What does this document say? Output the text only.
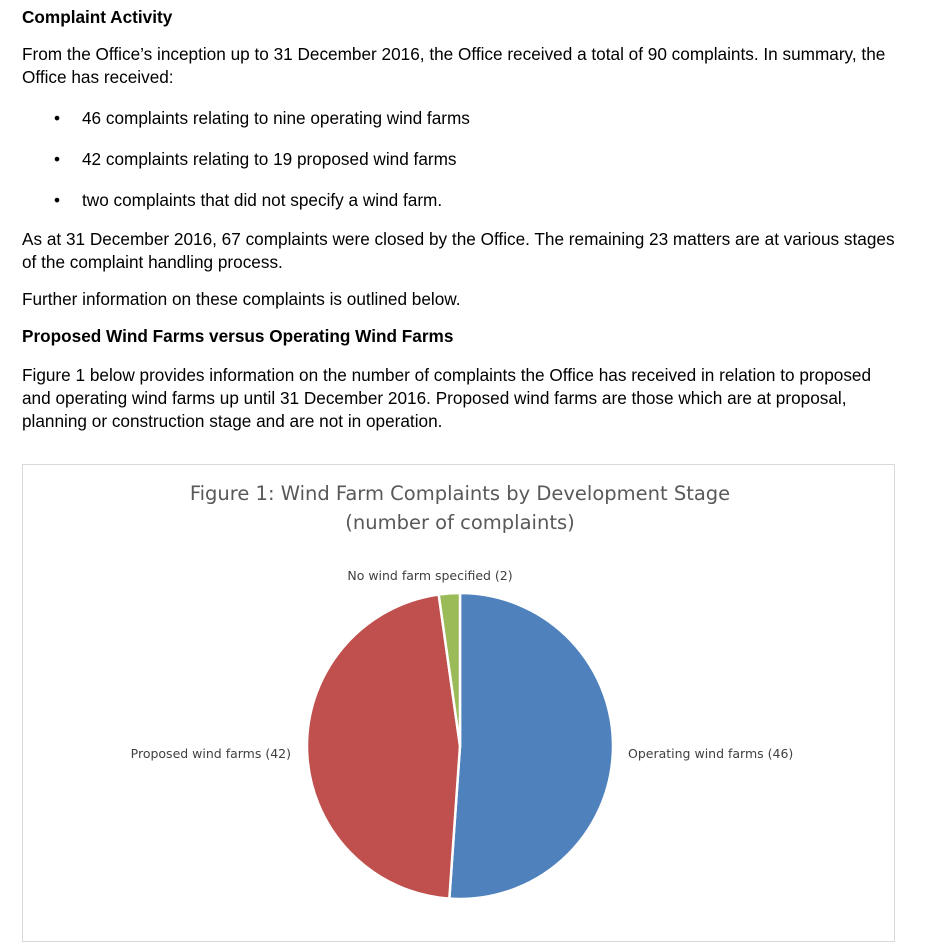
Complaint Activity
From the Office’s inception up to 31 December 2016, the Office received a total of 90 complaints. In summary, the Office has received:
• 46 complaints relating to nine operating wind farms
• 42 complaints relating to 19 proposed wind farms
• two complaints that did not specify a wind farm.
As at 31 December 2016, 67 complaints were closed by the Office. The remaining 23 matters are at various stages of the complaint handling process.
Further information on these complaints is outlined below.
Proposed Wind Farms versus Operating Wind Farms
Figure 1 below provides information on the number of complaints the Office has received in relation to proposed and operating wind farms up until 31 December 2016. Proposed wind farms are those which are at proposal, planning or construction stage and are not in operation.
Figure 1: Wind Farm Complaints by Development Stage
(number of complaints)
Operating wind farms (46)
Proposed wind farms (42)
No wind farm specified (2)
